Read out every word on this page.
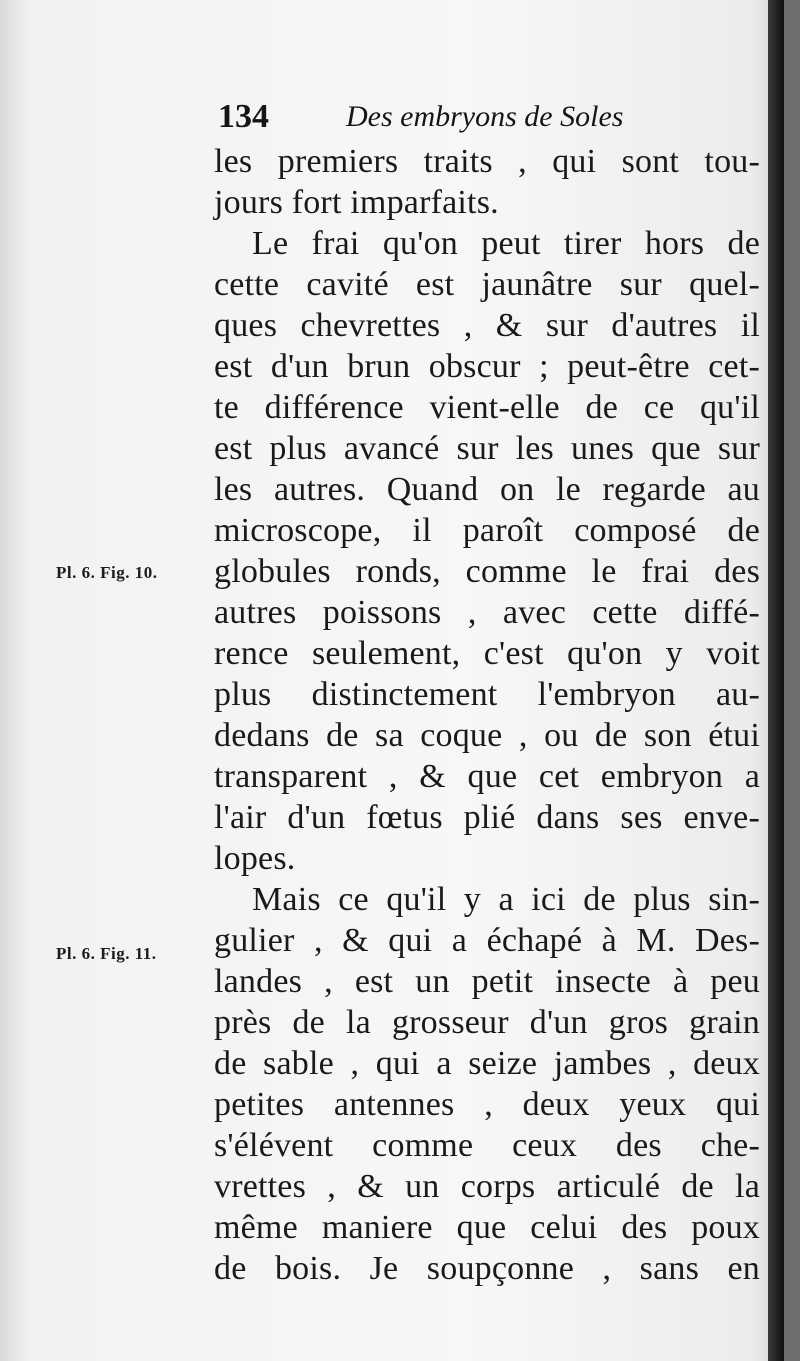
134	Des embryons de Soles
les premiers traits , qui sont tou-
jours fort imparfaits.
Le frai qu'on peut tirer hors de
cette cavité est jaunâtre sur quel-
ques chevrettes , & sur d'autres il
est d'un brun obscur ; peut-être cet-
te différence vient-elle de ce qu'il
est plus avancé sur les unes que sur
les autres. Quand on le regarde au
microscope, il paroît composé de
globules ronds, comme le frai des
autres poissons , avec cette diffé-
rence seulement, c'est qu'on y voit
plus distinctement l'embryon au-
dedans de sa coque , ou de son étui
transparent , & que cet embryon a
l'air d'un fœtus plié dans ses enve-
lopes.
Mais ce qu'il y a ici de plus sin-
gulier , & qui a échapé à M. Des-
landes , est un petit insecte à peu
près de la grosseur d'un gros grain
de sable , qui a seize jambes , deux
petites antennes , deux yeux qui
s'élévent comme ceux des che-
vrettes , & un corps articulé de la
même maniere que celui des poux
de bois. Je soupçonne , sans en
Pl. 6. Fig. 10.
Pl. 6. Fig. 11.
